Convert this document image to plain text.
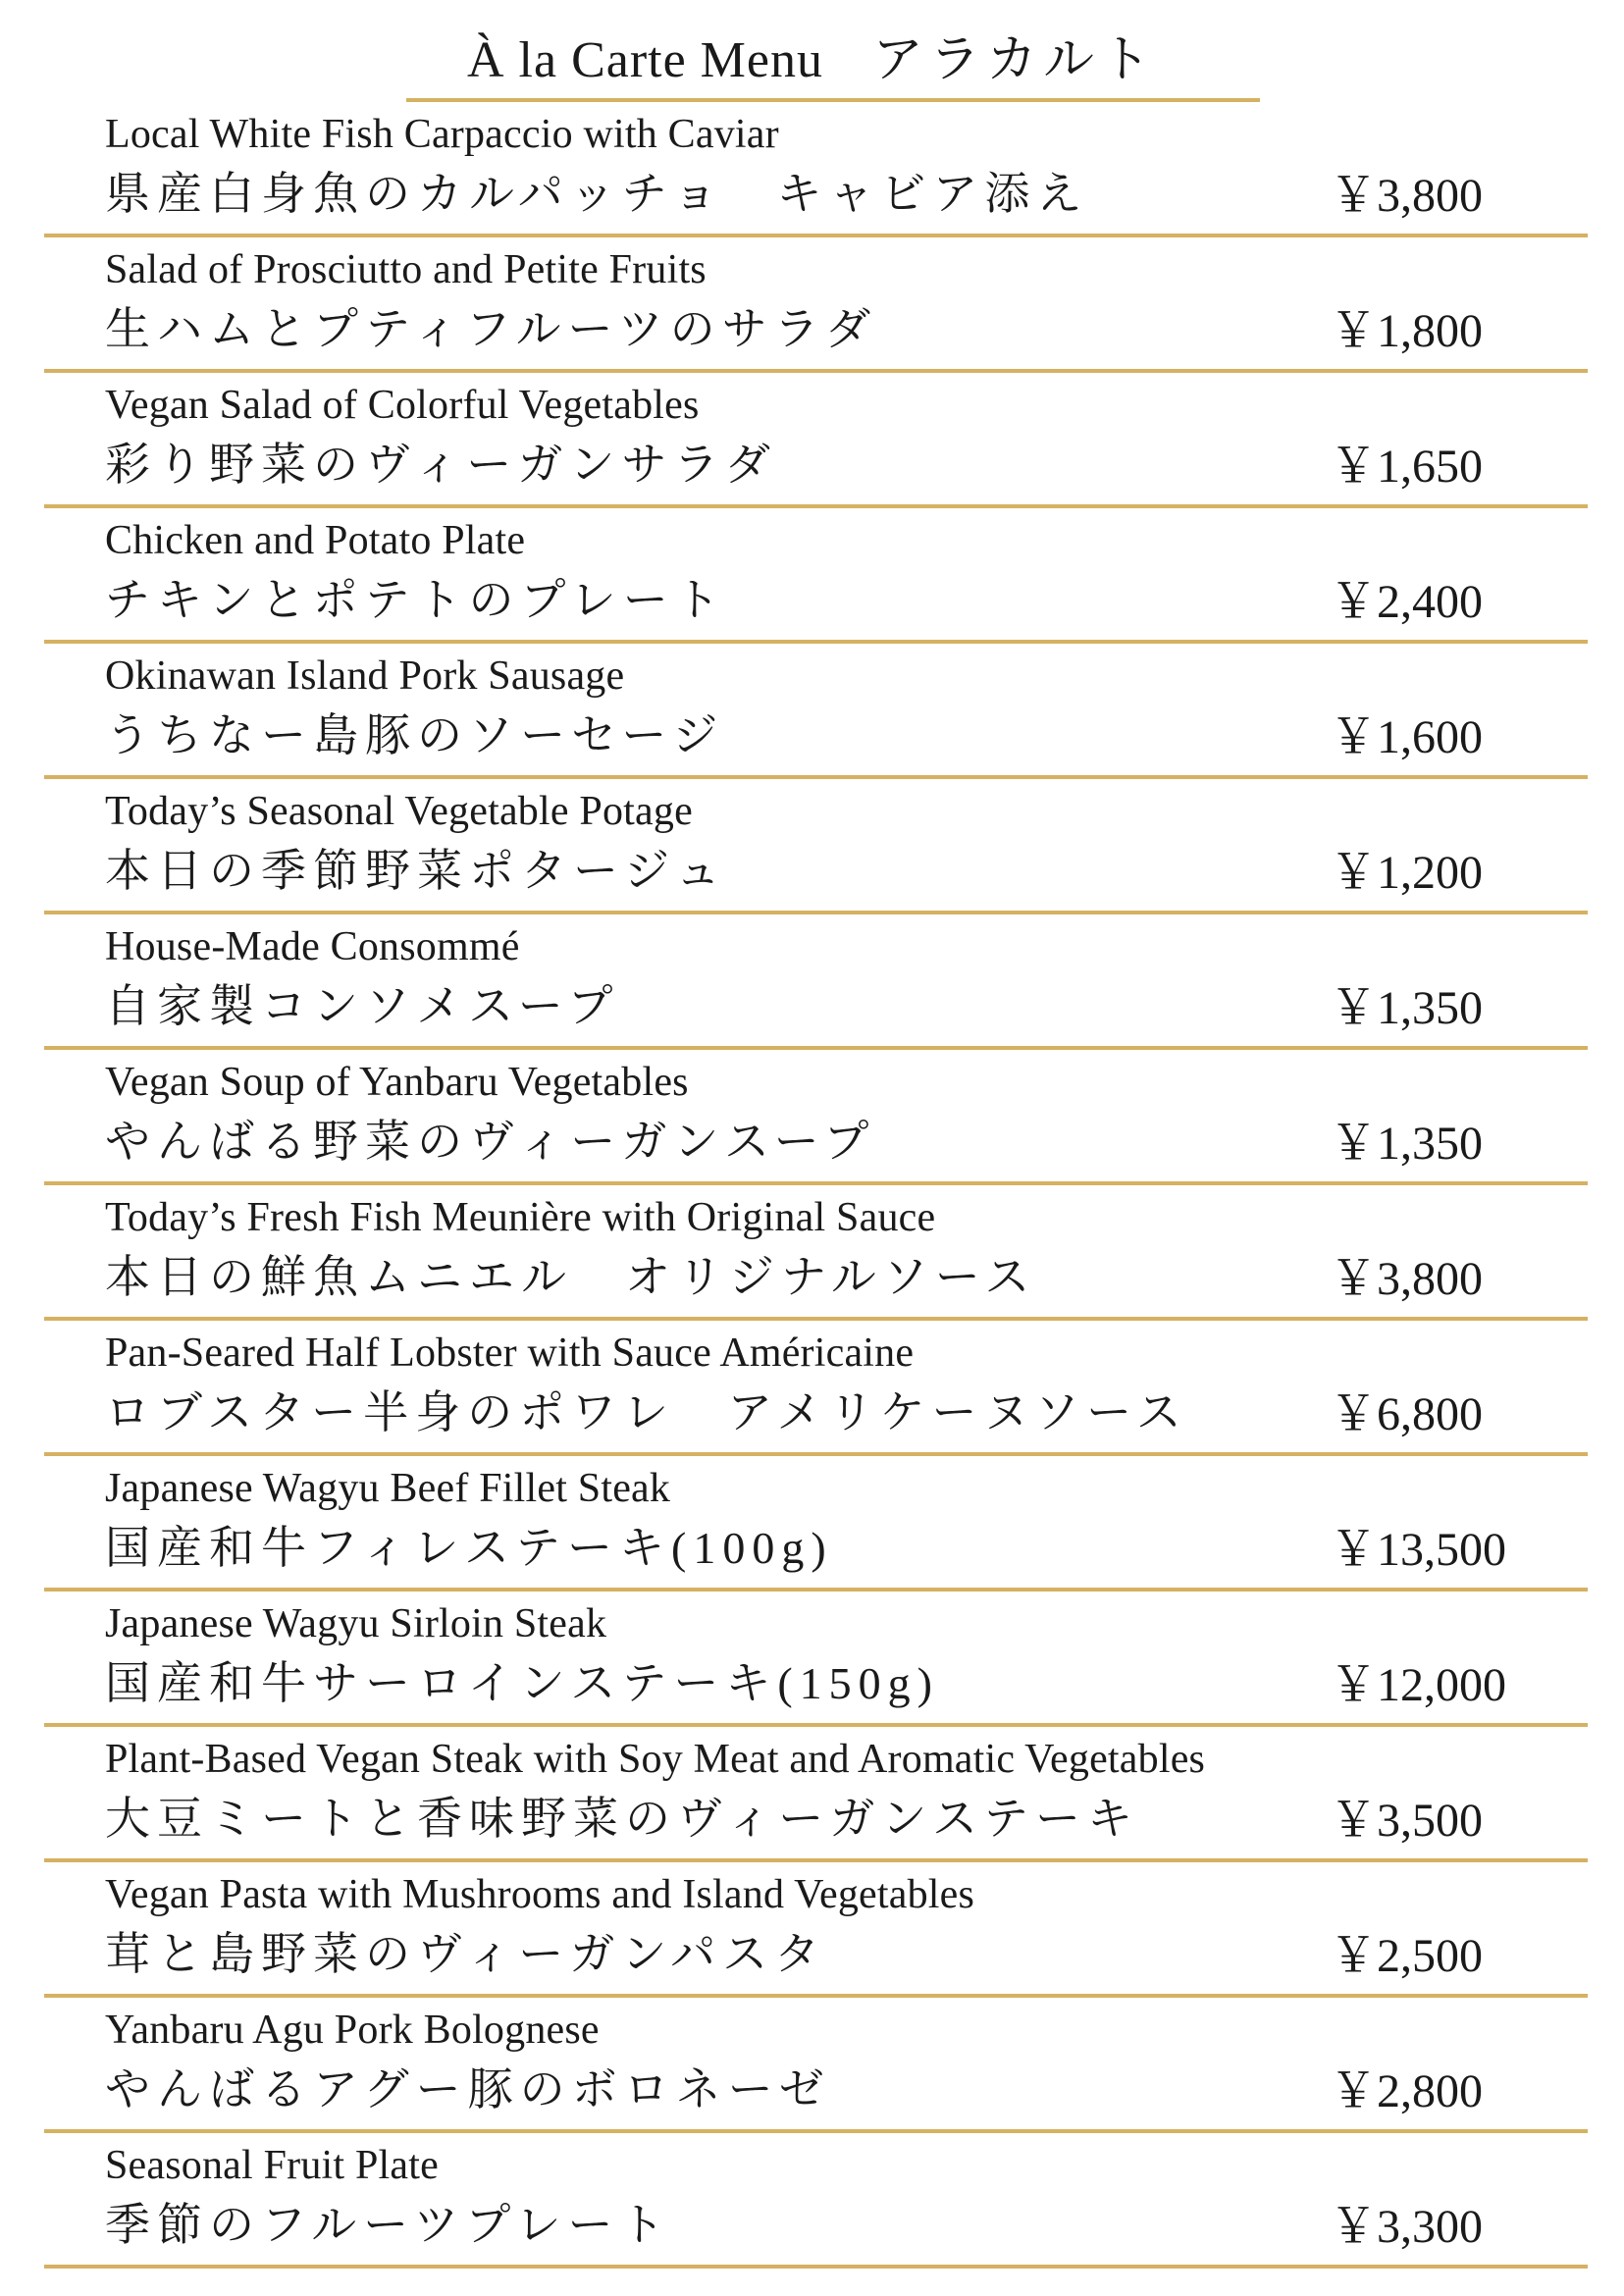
À la Carte Menu アラカルト
Local White Fish Carpaccio with Caviar
県産白身魚のカルパッチョ　キャビア添え	￥3,800
Salad of Prosciutto and Petite Fruits
生ハムとプティフルーツのサラダ	￥1,800
Vegan Salad of Colorful Vegetables
彩り野菜のヴィーガンサラダ	￥1,650
Chicken and Potato Plate
チキンとポテトのプレート	￥2,400
Okinawan Island Pork Sausage
うちなー島豚のソーセージ	￥1,600
Today’s Seasonal Vegetable Potage
本日の季節野菜ポタージュ	￥1,200
House-Made Consommé
自家製コンソメスープ	￥1,350
Vegan Soup of Yanbaru Vegetables
やんばる野菜のヴィーガンスープ	￥1,350
Today’s Fresh Fish Meunière with Original Sauce
本日の鮮魚ムニエル　オリジナルソース	￥3,800
Pan-Seared Half Lobster with Sauce Américaine
ロブスター半身のポワレ　アメリケーヌソース	￥6,800
Japanese Wagyu Beef Fillet Steak
国産和牛フィレステーキ(100g)	￥13,500
Japanese Wagyu Sirloin Steak
国産和牛サーロインステーキ(150g)	￥12,000
Plant-Based Vegan Steak with Soy Meat and Aromatic Vegetables
大豆ミートと香味野菜のヴィーガンステーキ	￥3,500
Vegan Pasta with Mushrooms and Island Vegetables
茸と島野菜のヴィーガンパスタ	￥2,500
Yanbaru Agu Pork Bolognese
やんばるアグー豚のボロネーゼ	￥2,800
Seasonal Fruit Plate
季節のフルーツプレート	￥3,300
